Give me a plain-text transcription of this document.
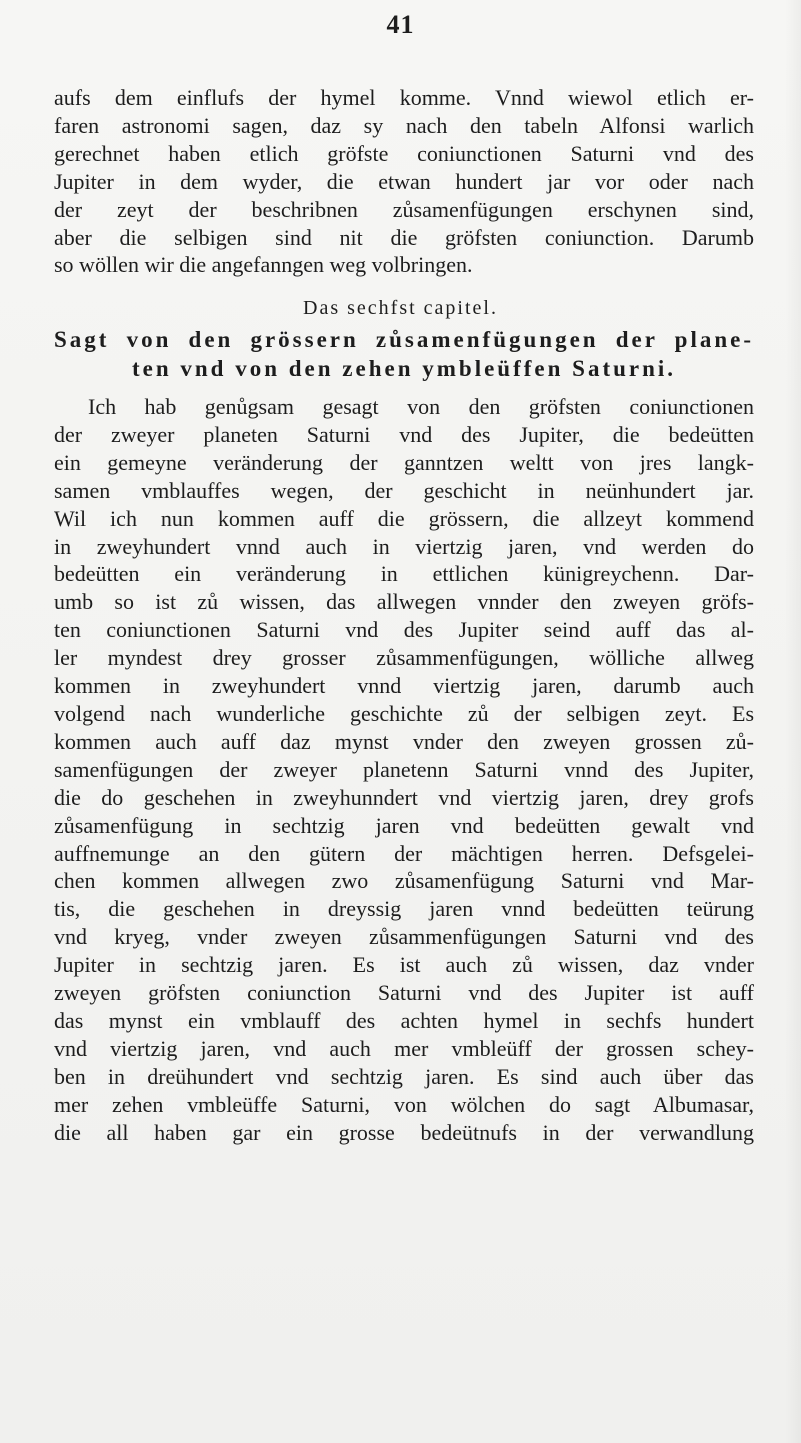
41
aufs dem einflufs der hymel komme. Vnnd wiewol etlich er-
faren astronomi sagen, daz sy nach den tabeln Alfonsi warlich
gerechnet haben etlich gröfste coniunctionen Saturni vnd des
Jupiter in dem wyder, die etwan hundert jar vor oder nach
der zeyt der beschribnen zůsamenfügungen erschynen sind,
aber die selbigen sind nit die gröfsten coniunction. Darumb
so wöllen wir die angefanngen weg volbringen.
Das sechfst capitel.
Sagt von den grössern zůsamenfügungen der plane-
ten vnd von den zehen ymbleüffen Saturni.
Ich hab genůgsam gesagt von den gröfsten coniunctionen
der zweyer planeten Saturni vnd des Jupiter, die bedeütten
ein gemeyne veränderung der ganntzen weltt von jres langk-
samen vmblauffes wegen, der geschicht in neünhundert jar.
Wil ich nun kommen auff die grössern, die allzeyt kommend
in zweyhundert vnnd auch in viertzig jaren, vnd werden do
bedeütten ein veränderung in ettlichen künigreychenn. Dar-
umb so ist zů wissen, das allwegen vnnder den zweyen gröfs-
ten coniunctionen Saturni vnd des Jupiter seind auff das al-
ler myndest drey grosser zůsammenfügungen, wölliche allweg
kommen in zweyhundert vnnd viertzig jaren, darumb auch
volgend nach wunderliche geschichte zů der selbigen zeyt. Es
kommen auch auff daz mynst vnder den zweyen grossen zů-
samenfügungen der zweyer planetenn Saturni vnnd des Jupiter,
die do geschehen in zweyhunndert vnd viertzig jaren, drey grofs
zůsamenfügung in sechtzig jaren vnd bedeütten gewalt vnd
auffnemunge an den gütern der mächtigen herren. Defsgelei-
chen kommen allwegen zwo zůsamenfügung Saturni vnd Mar-
tis, die geschehen in dreyssig jaren vnnd bedeütten teürung
vnd kryeg, vnder zweyen zůsammenfügungen Saturni vnd des
Jupiter in sechtzig jaren. Es ist auch zů wissen, daz vnder
zweyen gröfsten coniunction Saturni vnd des Jupiter ist auff
das mynst ein vmblauff des achten hymel in sechfs hundert
vnd viertzig jaren, vnd auch mer vmbleüff der grossen schey-
ben in dreühundert vnd sechtzig jaren. Es sind auch über das
mer zehen vmbleüffe Saturni, von wölchen do sagt Albumasar,
die all haben gar ein grosse bedeütnufs in der verwandlung
